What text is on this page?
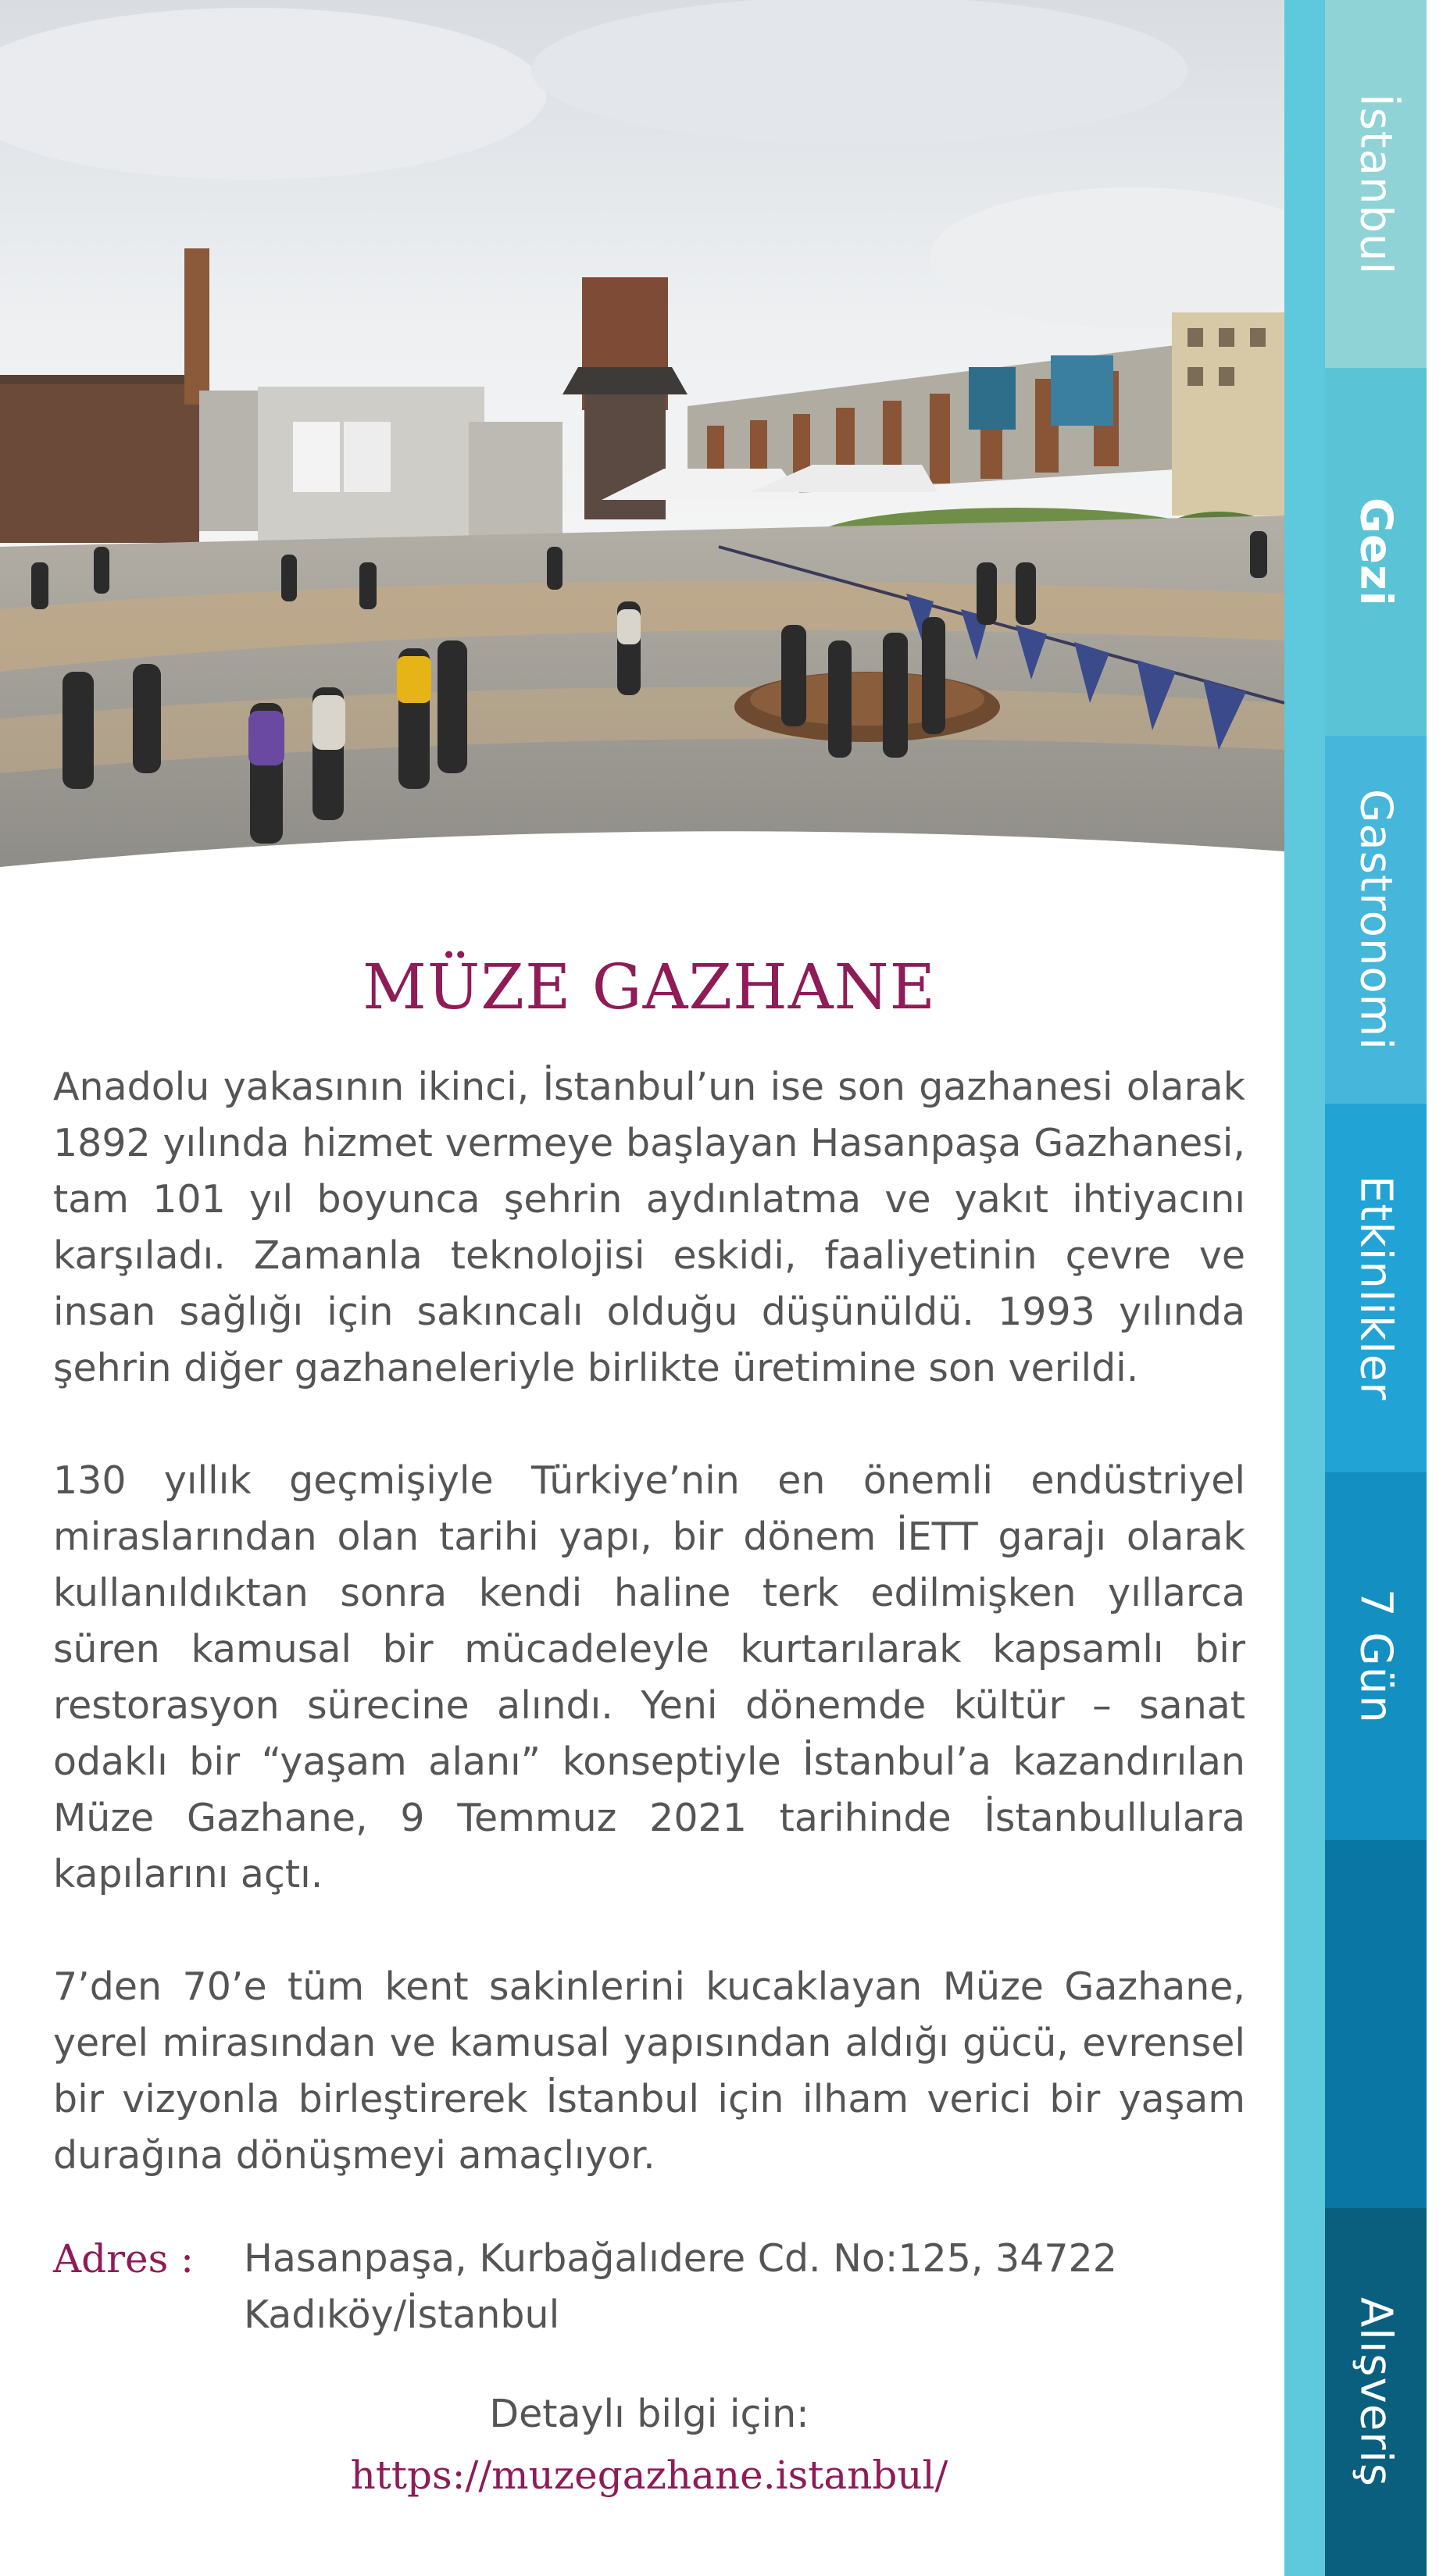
İstanbul
Gezi
Gastronomi
Etkinlikler
7 Gün
Alışveriş
MÜZE GAZHANE

Anadolu yakasının ikinci, İstanbul’un ise son gazhanesi olarak 1892 yılında hizmet vermeye başlayan Hasanpaşa Gazhanesi, tam 101 yıl boyunca şehrin aydınlatma ve yakıt ihtiyacını karşıladı. Zamanla teknolojisi eskidi, faaliyetinin çevre ve insan sağlığı için sakıncalı olduğu düşünüldü. 1993 yılında şehrin diğer gazhaneleriyle birlikte üretimine son verildi.

130 yıllık geçmişiyle Türkiye’nin en önemli endüstriyel miraslarından olan tarihi yapı, bir dönem İETT garajı olarak kullanıldıktan sonra kendi haline terk edilmişken yıllarca süren kamusal bir mücadeleyle kurtarılarak kapsamlı bir restorasyon sürecine alındı. Yeni dönemde kültür – sanat odaklı bir “yaşam alanı” konseptiyle İstanbul’a kazandırılan Müze Gazhane, 9 Temmuz 2021 tarihinde İstanbullulara kapılarını açtı.

7’den 70’e tüm kent sakinlerini kucaklayan Müze Gazhane, yerel mirasından ve kamusal yapısından aldığı gücü, evrensel bir vizyonla birleştirerek İstanbul için ilham verici bir yaşam durağına dönüşmeyi amaçlıyor.

Adres :	Hasanpaşa, Kurbağalıdere Cd. No:125, 34722
Kadıköy/İstanbul
Detaylı bilgi için:
https://muzegazhane.istanbul/
